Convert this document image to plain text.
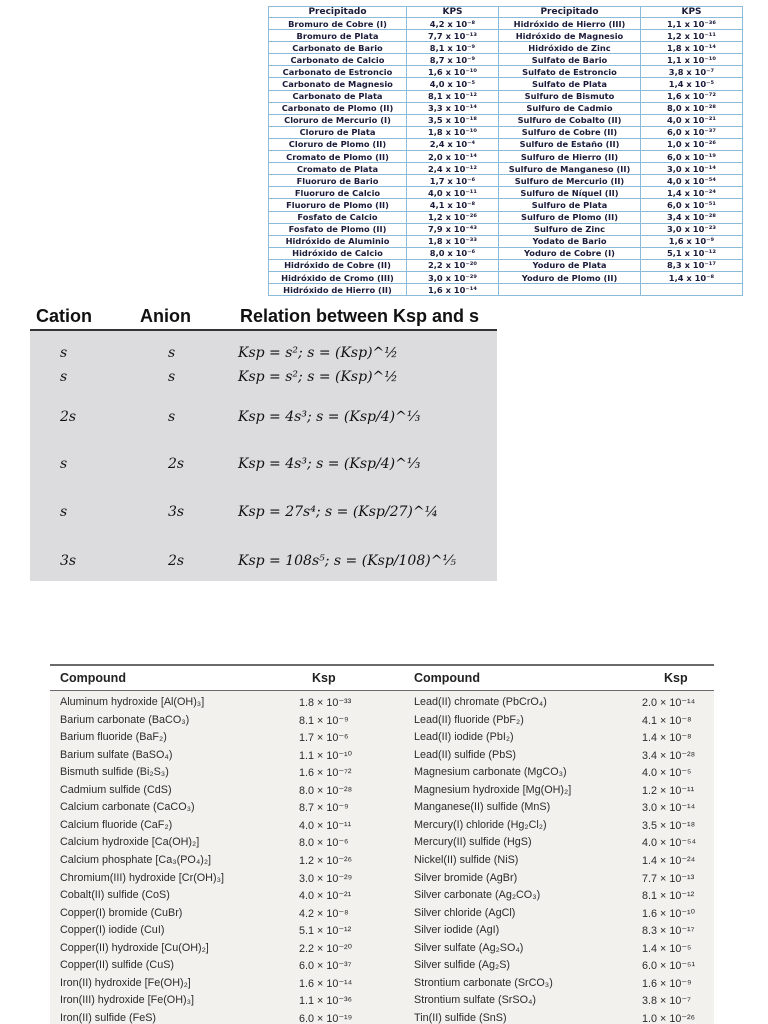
Precipitado	KPS	Precipitado	KPS
Bromuro de Cobre (I)	4,2 x 10⁻⁸	Hidróxido de Hierro (III)	1,1 x 10⁻³⁶
Bromuro de Plata	7,7 x 10⁻¹³	Hidróxido de Magnesio	1,2 x 10⁻¹¹
Carbonato de Bario	8,1 x 10⁻⁹	Hidróxido de Zinc	1,8 x 10⁻¹⁴
Carbonato de Calcio	8,7 x 10⁻⁹	Sulfato de Bario	1,1 x 10⁻¹⁰
Carbonato de Estroncio	1,6 x 10⁻¹⁰	Sulfato de Estroncio	3,8 x 10⁻⁷
Carbonato de Magnesio	4,0 x 10⁻⁵	Sulfato de Plata	1,4 x 10⁻⁵
Carbonato de Plata	8,1 x 10⁻¹²	Sulfuro de Bismuto	1,6 x 10⁻⁷²
Carbonato de Plomo (II)	3,3 x 10⁻¹⁴	Sulfuro de Cadmio	8,0 x 10⁻²⁸
Cloruro de Mercurio (I)	3,5 x 10⁻¹⁸	Sulfuro de Cobalto (II)	4,0 x 10⁻²¹
Cloruro de Plata	1,8 x 10⁻¹⁰	Sulfuro de Cobre (II)	6,0 x 10⁻³⁷
Cloruro de Plomo (II)	2,4 x 10⁻⁴	Sulfuro de Estaño (II)	1,0 x 10⁻²⁶
Cromato de Plomo (II)	2,0 x 10⁻¹⁴	Sulfuro de Hierro (II)	6,0 x 10⁻¹⁹
Cromato de Plata	2,4 x 10⁻¹²	Sulfuro de Manganeso (II)	3,0 x 10⁻¹⁴
Fluoruro de Bario	1,7 x 10⁻⁶	Sulfuro de Mercurio (II)	4,0 x 10⁻⁵⁴
Fluoruro de Calcio	4,0 x 10⁻¹¹	Sulfuro de Níquel (II)	1,4 x 10⁻²⁴
Fluoruro de Plomo (II)	4,1 x 10⁻⁸	Sulfuro de Plata	6,0 x 10⁻⁵¹
Fosfato de Calcio	1,2 x 10⁻²⁶	Sulfuro de Plomo (II)	3,4 x 10⁻²⁸
Fosfato de Plomo (II)	7,9 x 10⁻⁴³	Sulfuro de Zinc	3,0 x 10⁻²³
Hidróxido de Aluminio	1,8 x 10⁻³³	Yodato de Bario	1,6 x 10⁻⁹
Hidróxido de Calcio	8,0 x 10⁻⁶	Yoduro de Cobre (I)	5,1 x 10⁻¹²
Hidróxido de Cobre (II)	2,2 x 10⁻²⁰	Yoduro de Plata	8,3 x 10⁻¹⁷
Hidróxido de Cromo (III)	3,0 x 10⁻²⁹	Yoduro de Plomo (II)	1,4 x 10⁻⁸
Hidróxido de Hierro (II)	1,6 x 10⁻¹⁴		
Cation	Anion	Relation between Ksp and s
s	s	Ksp = s²; s = (Ksp)^½
s	s	Ksp = s²; s = (Ksp)^½
2s	s	Ksp = 4s³; s = (Ksp/4)^⅓
s	2s	Ksp = 4s³; s = (Ksp/4)^⅓
s	3s	Ksp = 27s⁴; s = (Ksp/27)^¼
3s	2s	Ksp = 108s⁵; s = (Ksp/108)^⅕
Compound	Ksp	Compound	Ksp
Aluminum hydroxide [Al(OH)₃]	1.8 × 10⁻³³	Lead(II) chromate (PbCrO₄)	2.0 × 10⁻¹⁴
Barium carbonate (BaCO₃)	8.1 × 10⁻⁹	Lead(II) fluoride (PbF₂)	4.1 × 10⁻⁸
Barium fluoride (BaF₂)	1.7 × 10⁻⁶	Lead(II) iodide (PbI₂)	1.4 × 10⁻⁸
Barium sulfate (BaSO₄)	1.1 × 10⁻¹⁰	Lead(II) sulfide (PbS)	3.4 × 10⁻²⁸
Bismuth sulfide (Bi₂S₃)	1.6 × 10⁻⁷²	Magnesium carbonate (MgCO₃)	4.0 × 10⁻⁵
Cadmium sulfide (CdS)	8.0 × 10⁻²⁸	Magnesium hydroxide [Mg(OH)₂]	1.2 × 10⁻¹¹
Calcium carbonate (CaCO₃)	8.7 × 10⁻⁹	Manganese(II) sulfide (MnS)	3.0 × 10⁻¹⁴
Calcium fluoride (CaF₂)	4.0 × 10⁻¹¹	Mercury(I) chloride (Hg₂Cl₂)	3.5 × 10⁻¹⁸
Calcium hydroxide [Ca(OH)₂]	8.0 × 10⁻⁶	Mercury(II) sulfide (HgS)	4.0 × 10⁻⁵⁴
Calcium phosphate [Ca₃(PO₄)₂]	1.2 × 10⁻²⁶	Nickel(II) sulfide (NiS)	1.4 × 10⁻²⁴
Chromium(III) hydroxide [Cr(OH)₃]	3.0 × 10⁻²⁹	Silver bromide (AgBr)	7.7 × 10⁻¹³
Cobalt(II) sulfide (CoS)	4.0 × 10⁻²¹	Silver carbonate (Ag₂CO₃)	8.1 × 10⁻¹²
Copper(I) bromide (CuBr)	4.2 × 10⁻⁸	Silver chloride (AgCl)	1.6 × 10⁻¹⁰
Copper(I) iodide (CuI)	5.1 × 10⁻¹²	Silver iodide (AgI)	8.3 × 10⁻¹⁷
Copper(II) hydroxide [Cu(OH)₂]	2.2 × 10⁻²⁰	Silver sulfate (Ag₂SO₄)	1.4 × 10⁻⁵
Copper(II) sulfide (CuS)	6.0 × 10⁻³⁷	Silver sulfide (Ag₂S)	6.0 × 10⁻⁵¹
Iron(II) hydroxide [Fe(OH)₂]	1.6 × 10⁻¹⁴	Strontium carbonate (SrCO₃)	1.6 × 10⁻⁹
Iron(III) hydroxide [Fe(OH)₃]	1.1 × 10⁻³⁶	Strontium sulfate (SrSO₄)	3.8 × 10⁻⁷
Iron(II) sulfide (FeS)	6.0 × 10⁻¹⁹	Tin(II) sulfide (SnS)	1.0 × 10⁻²⁶
